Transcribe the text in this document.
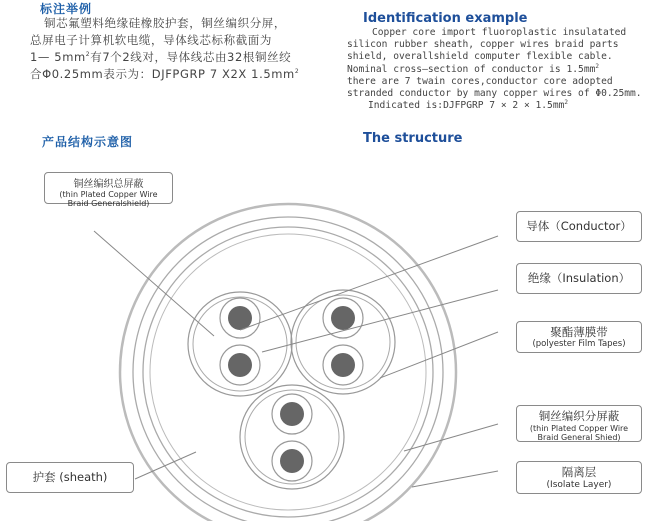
标注举例
铜芯氟塑料绝缘硅橡胶护套，铜丝编织分屏，
总屏电子计算机软电缆，导体线芯标称截面为
1— $5mm^2$有7个2线对，导体线芯由32根铜丝绞
合Φ0.25mm表示为：DJFPGRP 7 X2X $1.5mm^2$
Identification example
Copper core import fluoroplastic insulatated
silicon rubber sheath, copper wires braid parts
shield, overallshield computer flexible cable.
Nominal cross—section of conductor is $1.5mm^2$
there are 7 twain cores,conductor core adopted
stranded conductor by many copper wires of Φ0.25mm.
Indicated is:DJFPGRP $7 \times 2 \times 1.5mm^2$
产品结构示意图	The structure
铜丝编织总屏蔽
(thin Plated Copper Wire
Braid Generalshield)
导体（Conductor）
绝缘（Insulation）
聚酯薄膜带
(polyester Film Tapes)
铜丝编织分屏蔽
(thin Plated Copper Wire
Braid General Shied)
护套 (sheath)	隔离层
(Isolate Layer)
